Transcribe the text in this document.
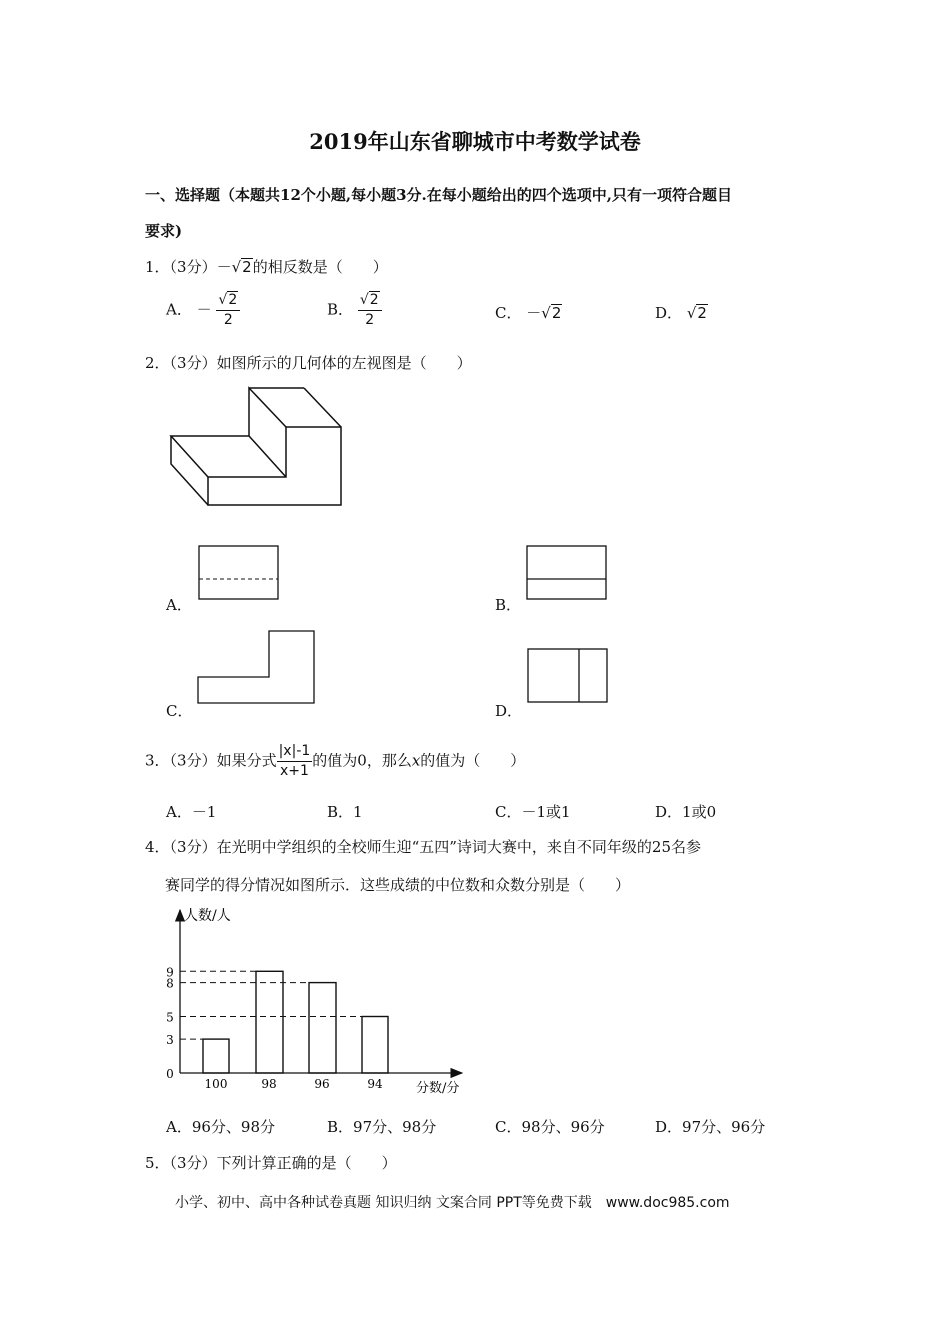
2019年山东省聊城市中考数学试卷
一、选择题（本题共12个小题,每小题3分.在每小题给出的四个选项中,只有一项符合题目
要求)
1．（3分）－√2的相反数是（　　）
A． － $\frac{√2}{2}$	B． $\frac{√2}{2}$	C． －√2	D． √2
2．（3分）如图所示的几何体的左视图是（　　）
A．	B．
C．	D．
3．（3分）如果分式 $\frac{|x|-1}{x+1}$ 的值为0，那么x的值为（　　）
A．－1	B．1	C．－1或1	D．1或0
4．（3分）在光明中学组织的全校师生迎“五四”诗词大赛中，来自不同年级的25名参
赛同学的得分情况如图所示．这些成绩的中位数和众数分别是（　　）
人数/人
分数/分
0
3
5
8
9
100	98	96	94
A．96分、98分	B．97分、98分	C．98分、96分	D．97分、96分
5．（3分）下列计算正确的是（　　）
小学、初中、高中各种试卷真题 知识归纳 文案合同 PPT等免费下载　www.doc985.com
